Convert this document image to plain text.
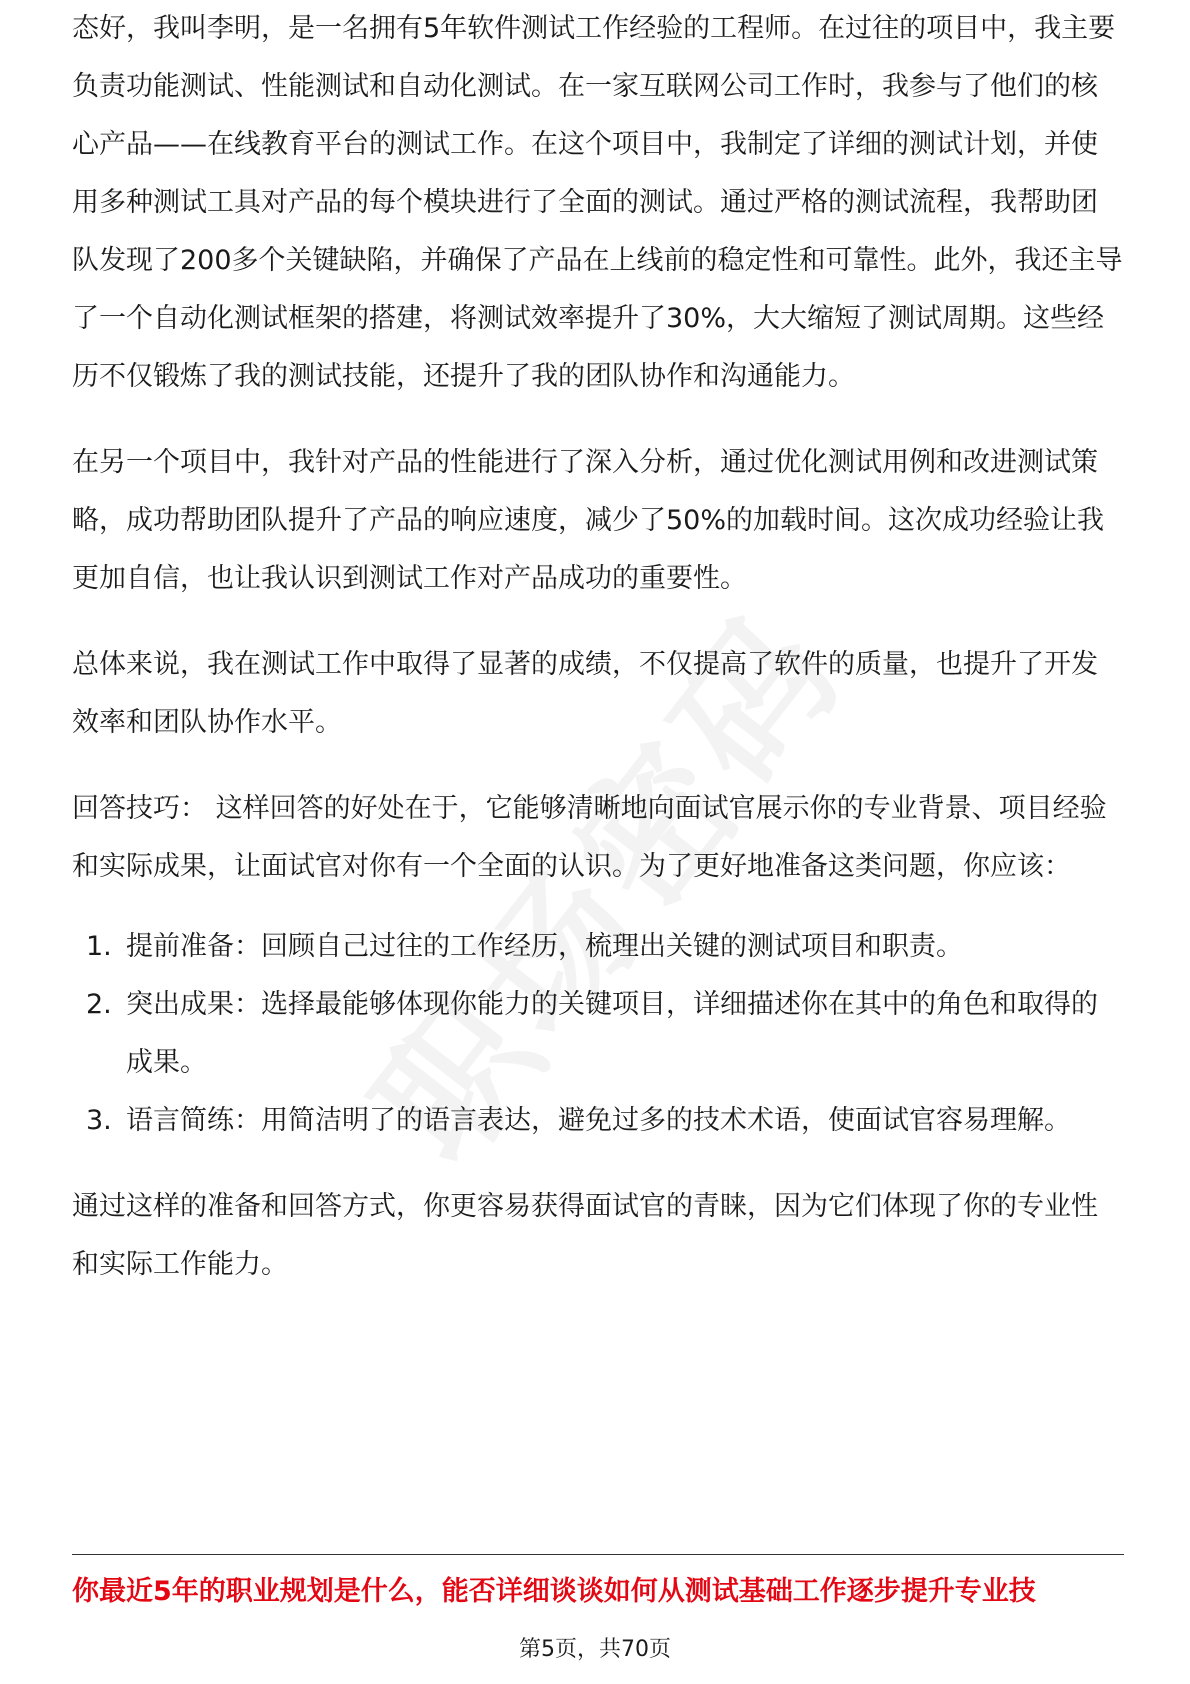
态好，我叫李明，是一名拥有5年软件测试工作经验的工程师。在过往的项目中，我主要负责功能测试、性能测试和自动化测试。在一家互联网公司工作时，我参与了他们的核心产品——在线教育平台的测试工作。在这个项目中，我制定了详细的测试计划，并使用多种测试工具对产品的每个模块进行了全面的测试。通过严格的测试流程，我帮助团队发现了200多个关键缺陷，并确保了产品在上线前的稳定性和可靠性。此外，我还主导了一个自动化测试框架的搭建，将测试效率提升了30%，大大缩短了测试周期。这些经历不仅锻炼了我的测试技能，还提升了我的团队协作和沟通能力。

在另一个项目中，我针对产品的性能进行了深入分析，通过优化测试用例和改进测试策略，成功帮助团队提升了产品的响应速度，减少了50%的加载时间。这次成功经验让我更加自信，也让我认识到测试工作对产品成功的重要性。

总体来说，我在测试工作中取得了显著的成绩，不仅提高了软件的质量，也提升了开发效率和团队协作水平。

回答技巧： 这样回答的好处在于，它能够清晰地向面试官展示你的专业背景、项目经验和实际成果，让面试官对你有一个全面的认识。为了更好地准备这类问题，你应该：

1. 提前准备：回顾自己过往的工作经历，梳理出关键的测试项目和职责。
2. 突出成果：选择最能够体现你能力的关键项目，详细描述你在其中的角色和取得的成果。
3. 语言简练：用简洁明了的语言表达，避免过多的技术术语，使面试官容易理解。

通过这样的准备和回答方式，你更容易获得面试官的青睐，因为它们体现了你的专业性和实际工作能力。

你最近5年的职业规划是什么，能否详细谈谈如何从测试基础工作逐步提升专业技
第5页，共70页
